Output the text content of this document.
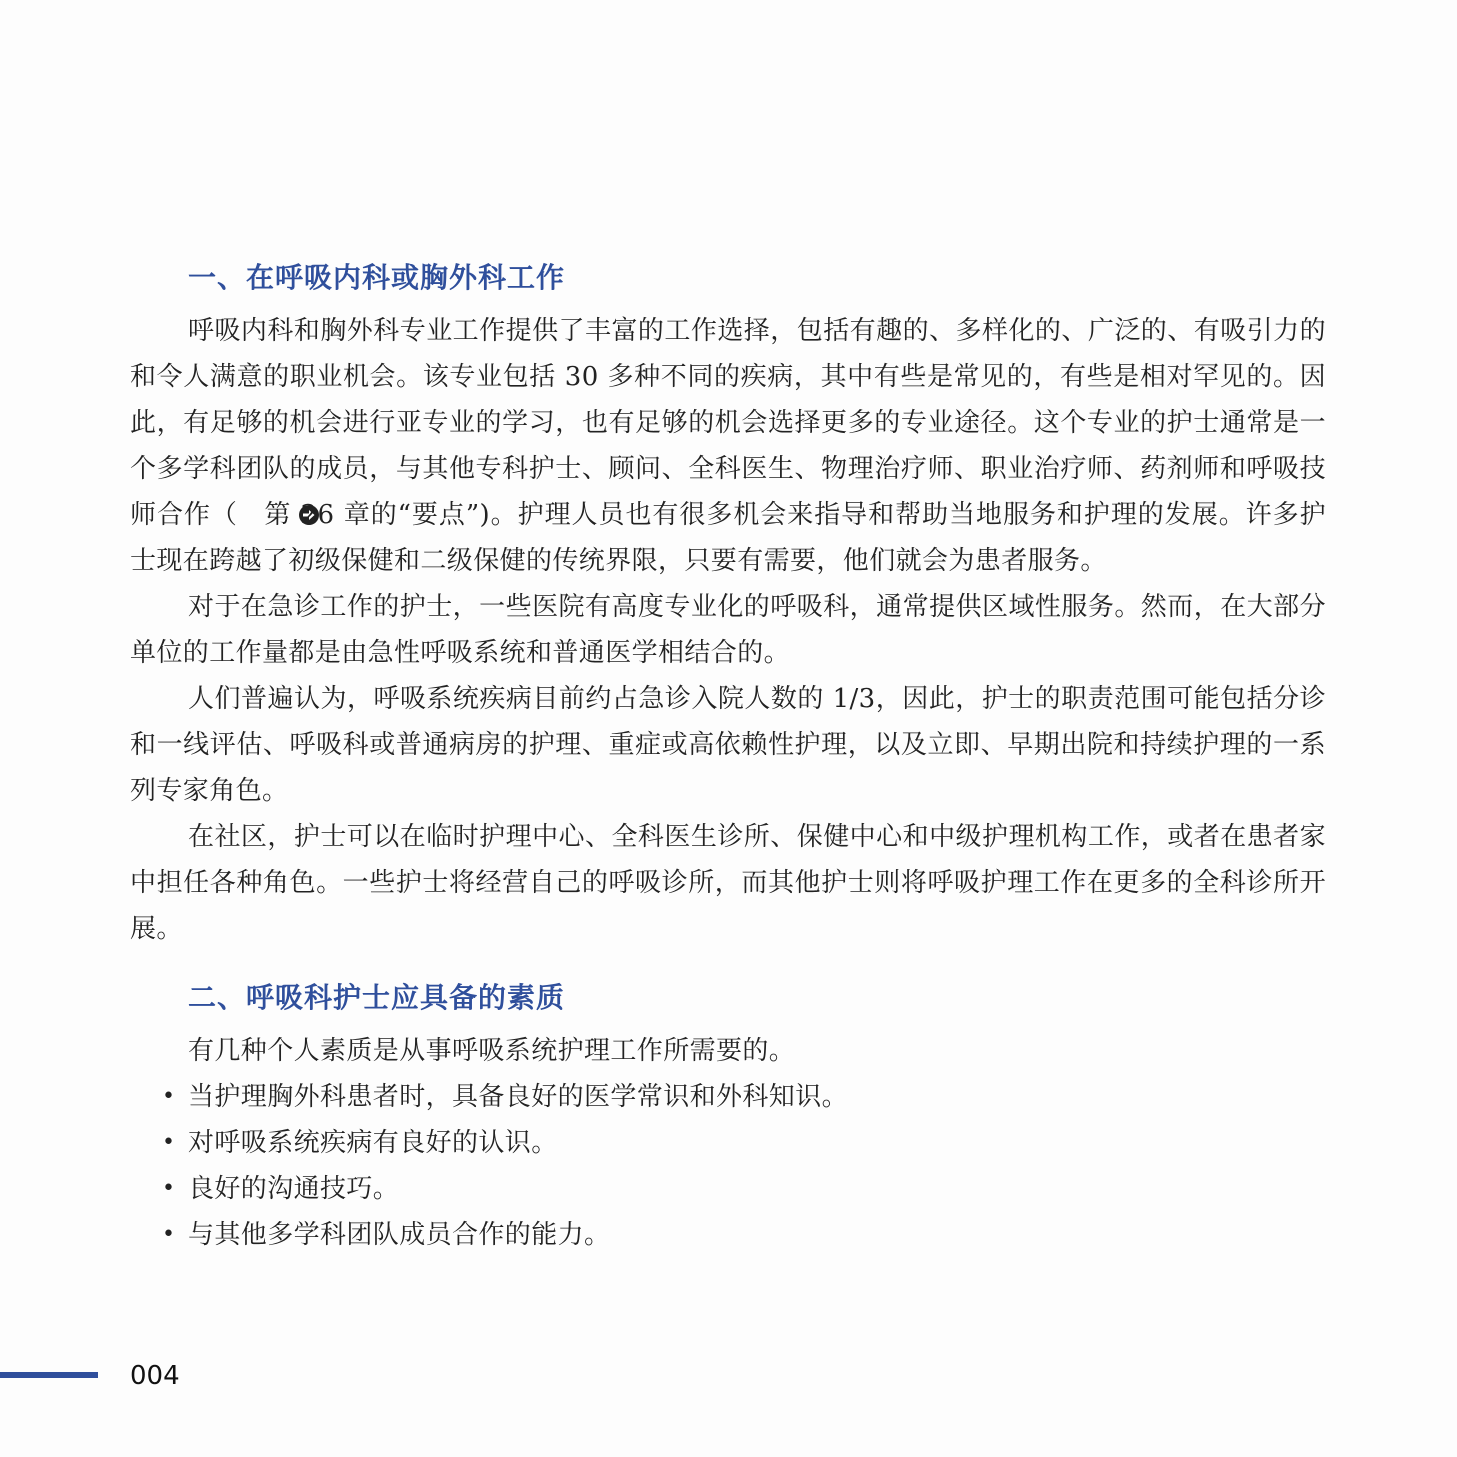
一、在呼吸内科或胸外科工作

呼吸内科和胸外科专业工作提供了丰富的工作选择，包括有趣的、多样化的、广泛的、有吸引力的和令人满意的职业机会。该专业包括 30 多种不同的疾病，其中有些是常见的，有些是相对罕见的。因此，有足够的机会进行亚专业的学习，也有足够的机会选择更多的专业途径。这个专业的护士通常是一个多学科团队的成员，与其他专科护士、顾问、全科医生、物理治疗师、职业治疗师、药剂师和呼吸技师合作（ 第 26 章的“要点”)。护理人员也有很多机会来指导和帮助当地服务和护理的发展。许多护士现在跨越了初级保健和二级保健的传统界限，只要有需要，他们就会为患者服务。

对于在急诊工作的护士，一些医院有高度专业化的呼吸科，通常提供区域性服务。然而，在大部分单位的工作量都是由急性呼吸系统和普通医学相结合的。

人们普遍认为，呼吸系统疾病目前约占急诊入院人数的 1/3，因此，护士的职责范围可能包括分诊和一线评估、呼吸科或普通病房的护理、重症或高依赖性护理，以及立即、早期出院和持续护理的一系列专家角色。

在社区，护士可以在临时护理中心、全科医生诊所、保健中心和中级护理机构工作，或者在患者家中担任各种角色。一些护士将经营自己的呼吸诊所，而其他护士则将呼吸护理工作在更多的全科诊所开展。

二、呼吸科护士应具备的素质

有几种个人素质是从事呼吸系统护理工作所需要的。

• 当护理胸外科患者时，具备良好的医学常识和外科知识。
• 对呼吸系统疾病有良好的认识。
• 良好的沟通技巧。
• 与其他多学科团队成员合作的能力。
004
